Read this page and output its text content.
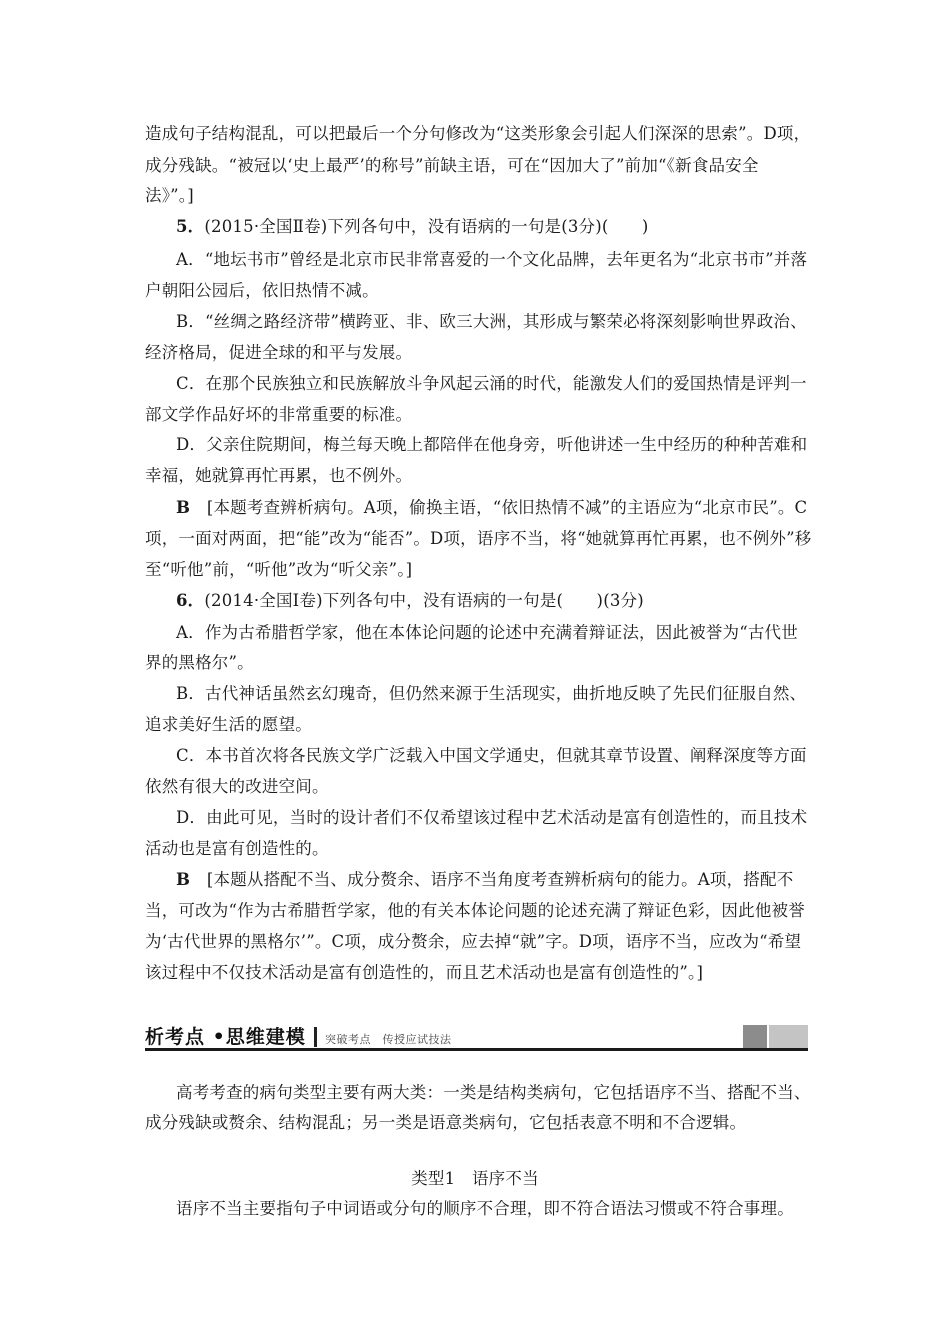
造成句子结构混乱，可以把最后一个分句修改为“这类形象会引起人们深深的思索”。D项，
成分残缺。“被冠以‘史上最严’的称号”前缺主语，可在“因加大了”前加“《新食品安全
法》”。]
5．(2015·全国Ⅱ卷)下列各句中，没有语病的一句是(3分)(　　)
A．“地坛书市”曾经是北京市民非常喜爱的一个文化品牌，去年更名为“北京书市”并落
户朝阳公园后，依旧热情不减。
B．“丝绸之路经济带”横跨亚、非、欧三大洲，其形成与繁荣必将深刻影响世界政治、
经济格局，促进全球的和平与发展。
C．在那个民族独立和民族解放斗争风起云涌的时代，能激发人们的爱国热情是评判一
部文学作品好坏的非常重要的标准。
D．父亲住院期间，梅兰每天晚上都陪伴在他身旁，听他讲述一生中经历的种种苦难和
幸福，她就算再忙再累，也不例外。
B　 [本题考查辨析病句。A项，偷换主语，“依旧热情不减”的主语应为“北京市民”。C
项，一面对两面，把“能”改为“能否”。D项，语序不当，将“她就算再忙再累，也不例外”移
至“听他”前，“听他”改为“听父亲”。]
6．(2014·全国Ⅰ卷)下列各句中，没有语病的一句是(　　)(3分)
A．作为古希腊哲学家，他在本体论问题的论述中充满着辩证法，因此被誉为“古代世
界的黑格尔”。
B．古代神话虽然玄幻瑰奇，但仍然来源于生活现实，曲折地反映了先民们征服自然、
追求美好生活的愿望。
C．本书首次将各民族文学广泛载入中国文学通史，但就其章节设置、阐释深度等方面
依然有很大的改进空间。
D．由此可见，当时的设计者们不仅希望该过程中艺术活动是富有创造性的，而且技术
活动也是富有创造性的。
B　 [本题从搭配不当、成分赘余、语序不当角度考查辨析病句的能力。A项，搭配不
当，可改为“作为古希腊哲学家，他的有关本体论问题的论述充满了辩证色彩，因此他被誉
为‘古代世界的黑格尔’”。C项，成分赘余，应去掉“就”字。D项，语序不当，应改为“希望
该过程中不仅技术活动是富有创造性的，而且艺术活动也是富有创造性的”。]
析考点 •思维建模 突破考点　传授应试技法
高考考查的病句类型主要有两大类：一类是结构类病句，它包括语序不当、搭配不当、
成分残缺或赘余、结构混乱；另一类是语意类病句，它包括表意不明和不合逻辑。
类型1　语序不当
语序不当主要指句子中词语或分句的顺序不合理，即不符合语法习惯或不符合事理。
